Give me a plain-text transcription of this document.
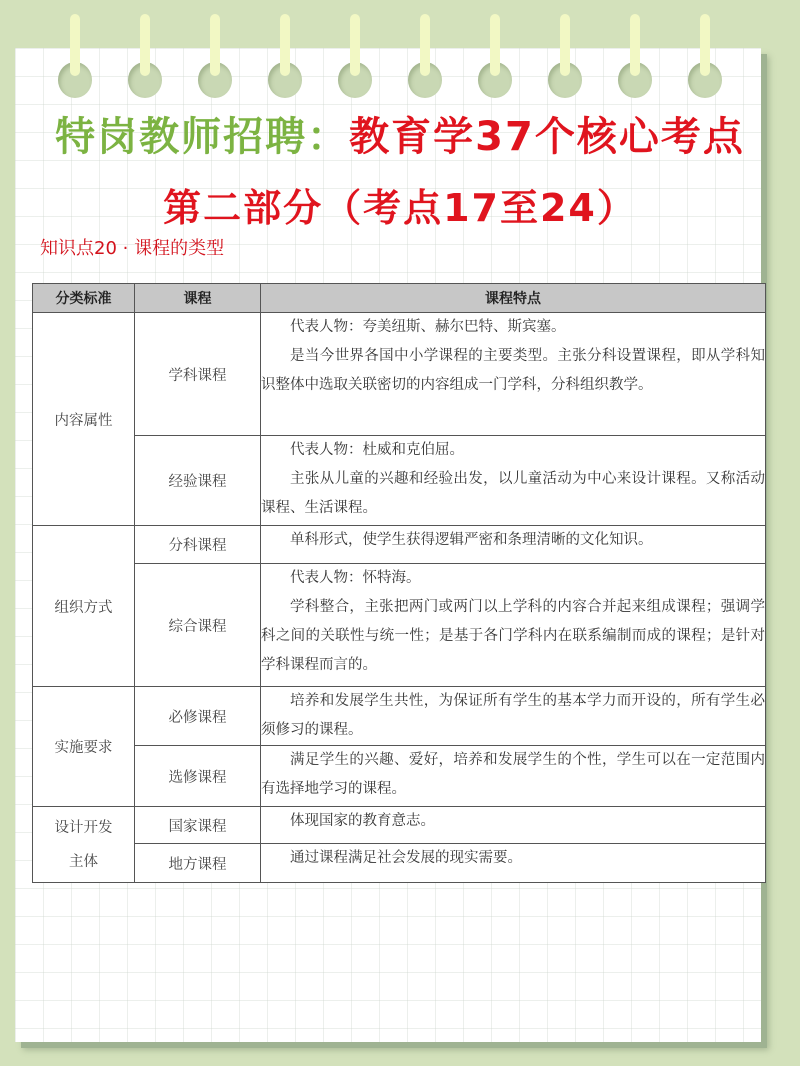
特岗教师招聘：教育学37个核心考点
第二部分（考点17至24）
知识点20 · 课程的类型
分类标准	课程	课程特点
内容属性	学科课程	代表人物：夸美纽斯、赫尔巴特、斯宾塞。

是当今世界各国中小学课程的主要类型。主张分科设置课程，即从学科知识整体中选取关联密切的内容组成一门学科，分科组织教学。

	经验课程	代表人物：杜威和克伯屈。

主张从儿童的兴趣和经验出发，以儿童活动为中心来设计课程。又称活动课程、生活课程。

组织方式	分科课程	单科形式，使学生获得逻辑严密和条理清晰的文化知识。

	综合课程	代表人物：怀特海。

学科整合，主张把两门或两门以上学科的内容合并起来组成课程；强调学科之间的关联性与统一性；是基于各门学科内在联系编制而成的课程；是针对学科课程而言的。

实施要求	必修课程	培养和发展学生共性，为保证所有学生的基本学力而开设的，所有学生必须修习的课程。

	选修课程	满足学生的兴趣、爱好，培养和发展学生的个性，学生可以在一定范围内有选择地学习的课程。

设计开发
主体	国家课程	体现国家的教育意志。

	地方课程	通过课程满足社会发展的现实需要。
